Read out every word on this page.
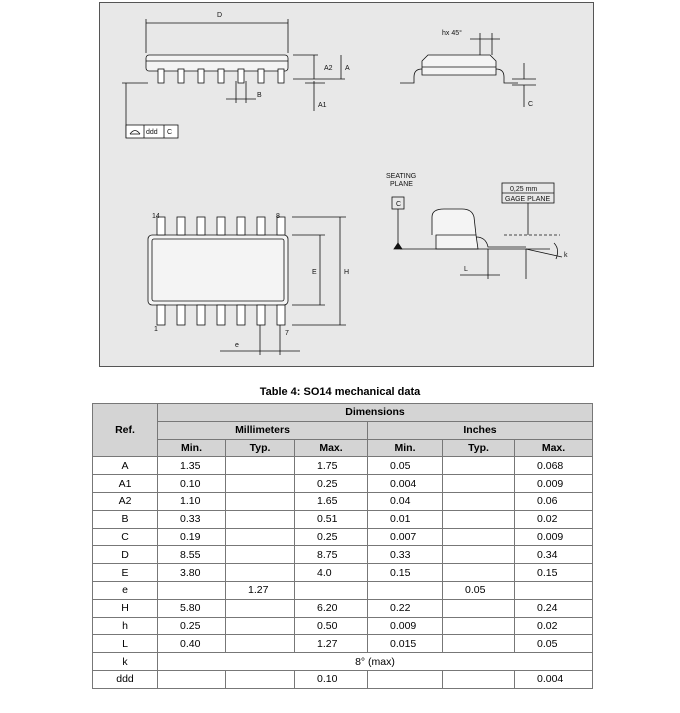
D
A2 A
B
A1
ddd C
hx 45°
C
14	8
1
7
E	H
e
SEATING
PLANE
C
0,25 mm
GAGE PLANE
L
k
Table 4: SO14 mechanical data
Ref.	Dimensions					
	Millimeters			Inches		
	Min.	Typ.	Max.	Min.	Typ.	Max.
A	1.35		1.75	0.05		0.068
A1	0.10		0.25	0.004		0.009
A2	1.10		1.65	0.04		0.06
B	0.33		0.51	0.01		0.02
C	0.19		0.25	0.007		0.009
D	8.55		8.75	0.33		0.34
E	3.80		4.0	0.15		0.15
e		1.27			0.05	
H	5.80		6.20	0.22		0.24
h	0.25		0.50	0.009		0.02
L	0.40		1.27	0.015		0.05
k	8° (max)					
ddd			0.10			0.004
